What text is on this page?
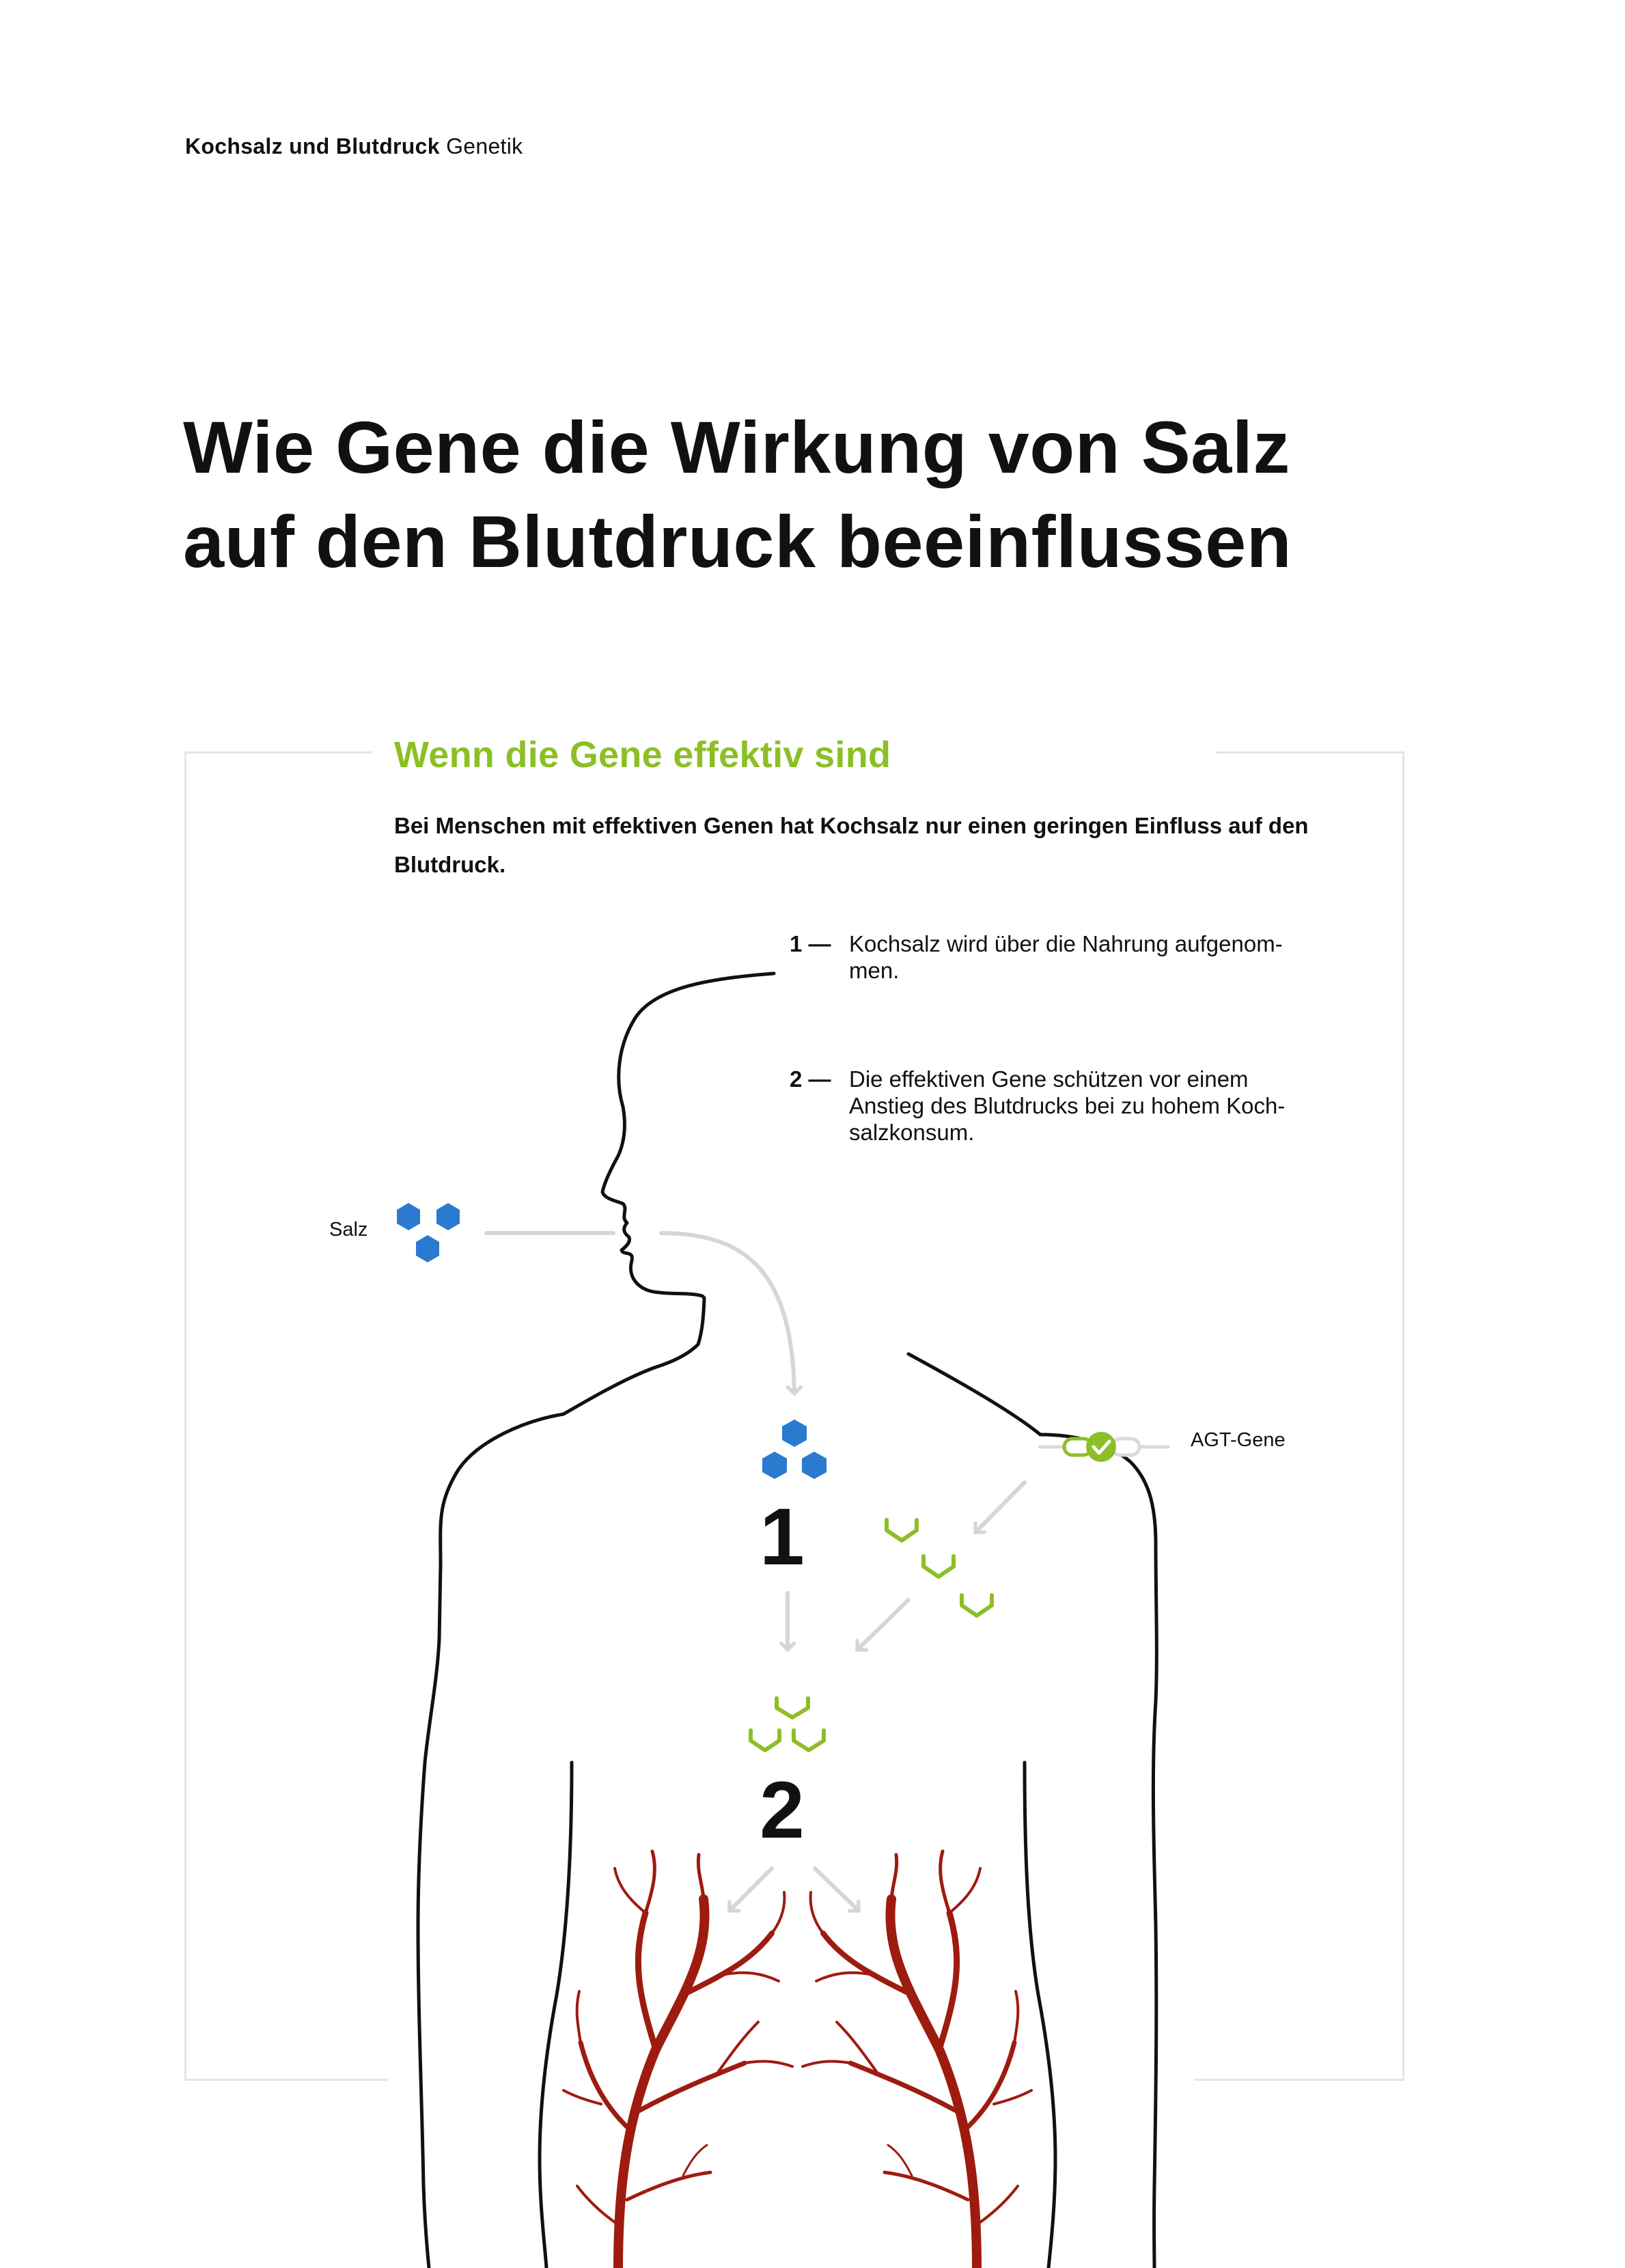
Kochsalz und Blutdruck Genetik
Wie Gene die Wirkung von Salz
auf den Blutdruck beeinflussen
Wenn die Gene effektiv sind
Bei Menschen mit effektiven Genen hat Kochsalz nur einen geringen Einfluss auf den Blutdruck.
1 — Kochsalz wird über die Nahrung aufgenom-
men.
2 — Die effektiven Gene schützen vor einem
Anstieg des Blutdrucks bei zu hohem Koch-
salzkonsum.
Salz
AGT-Gene
1
2
